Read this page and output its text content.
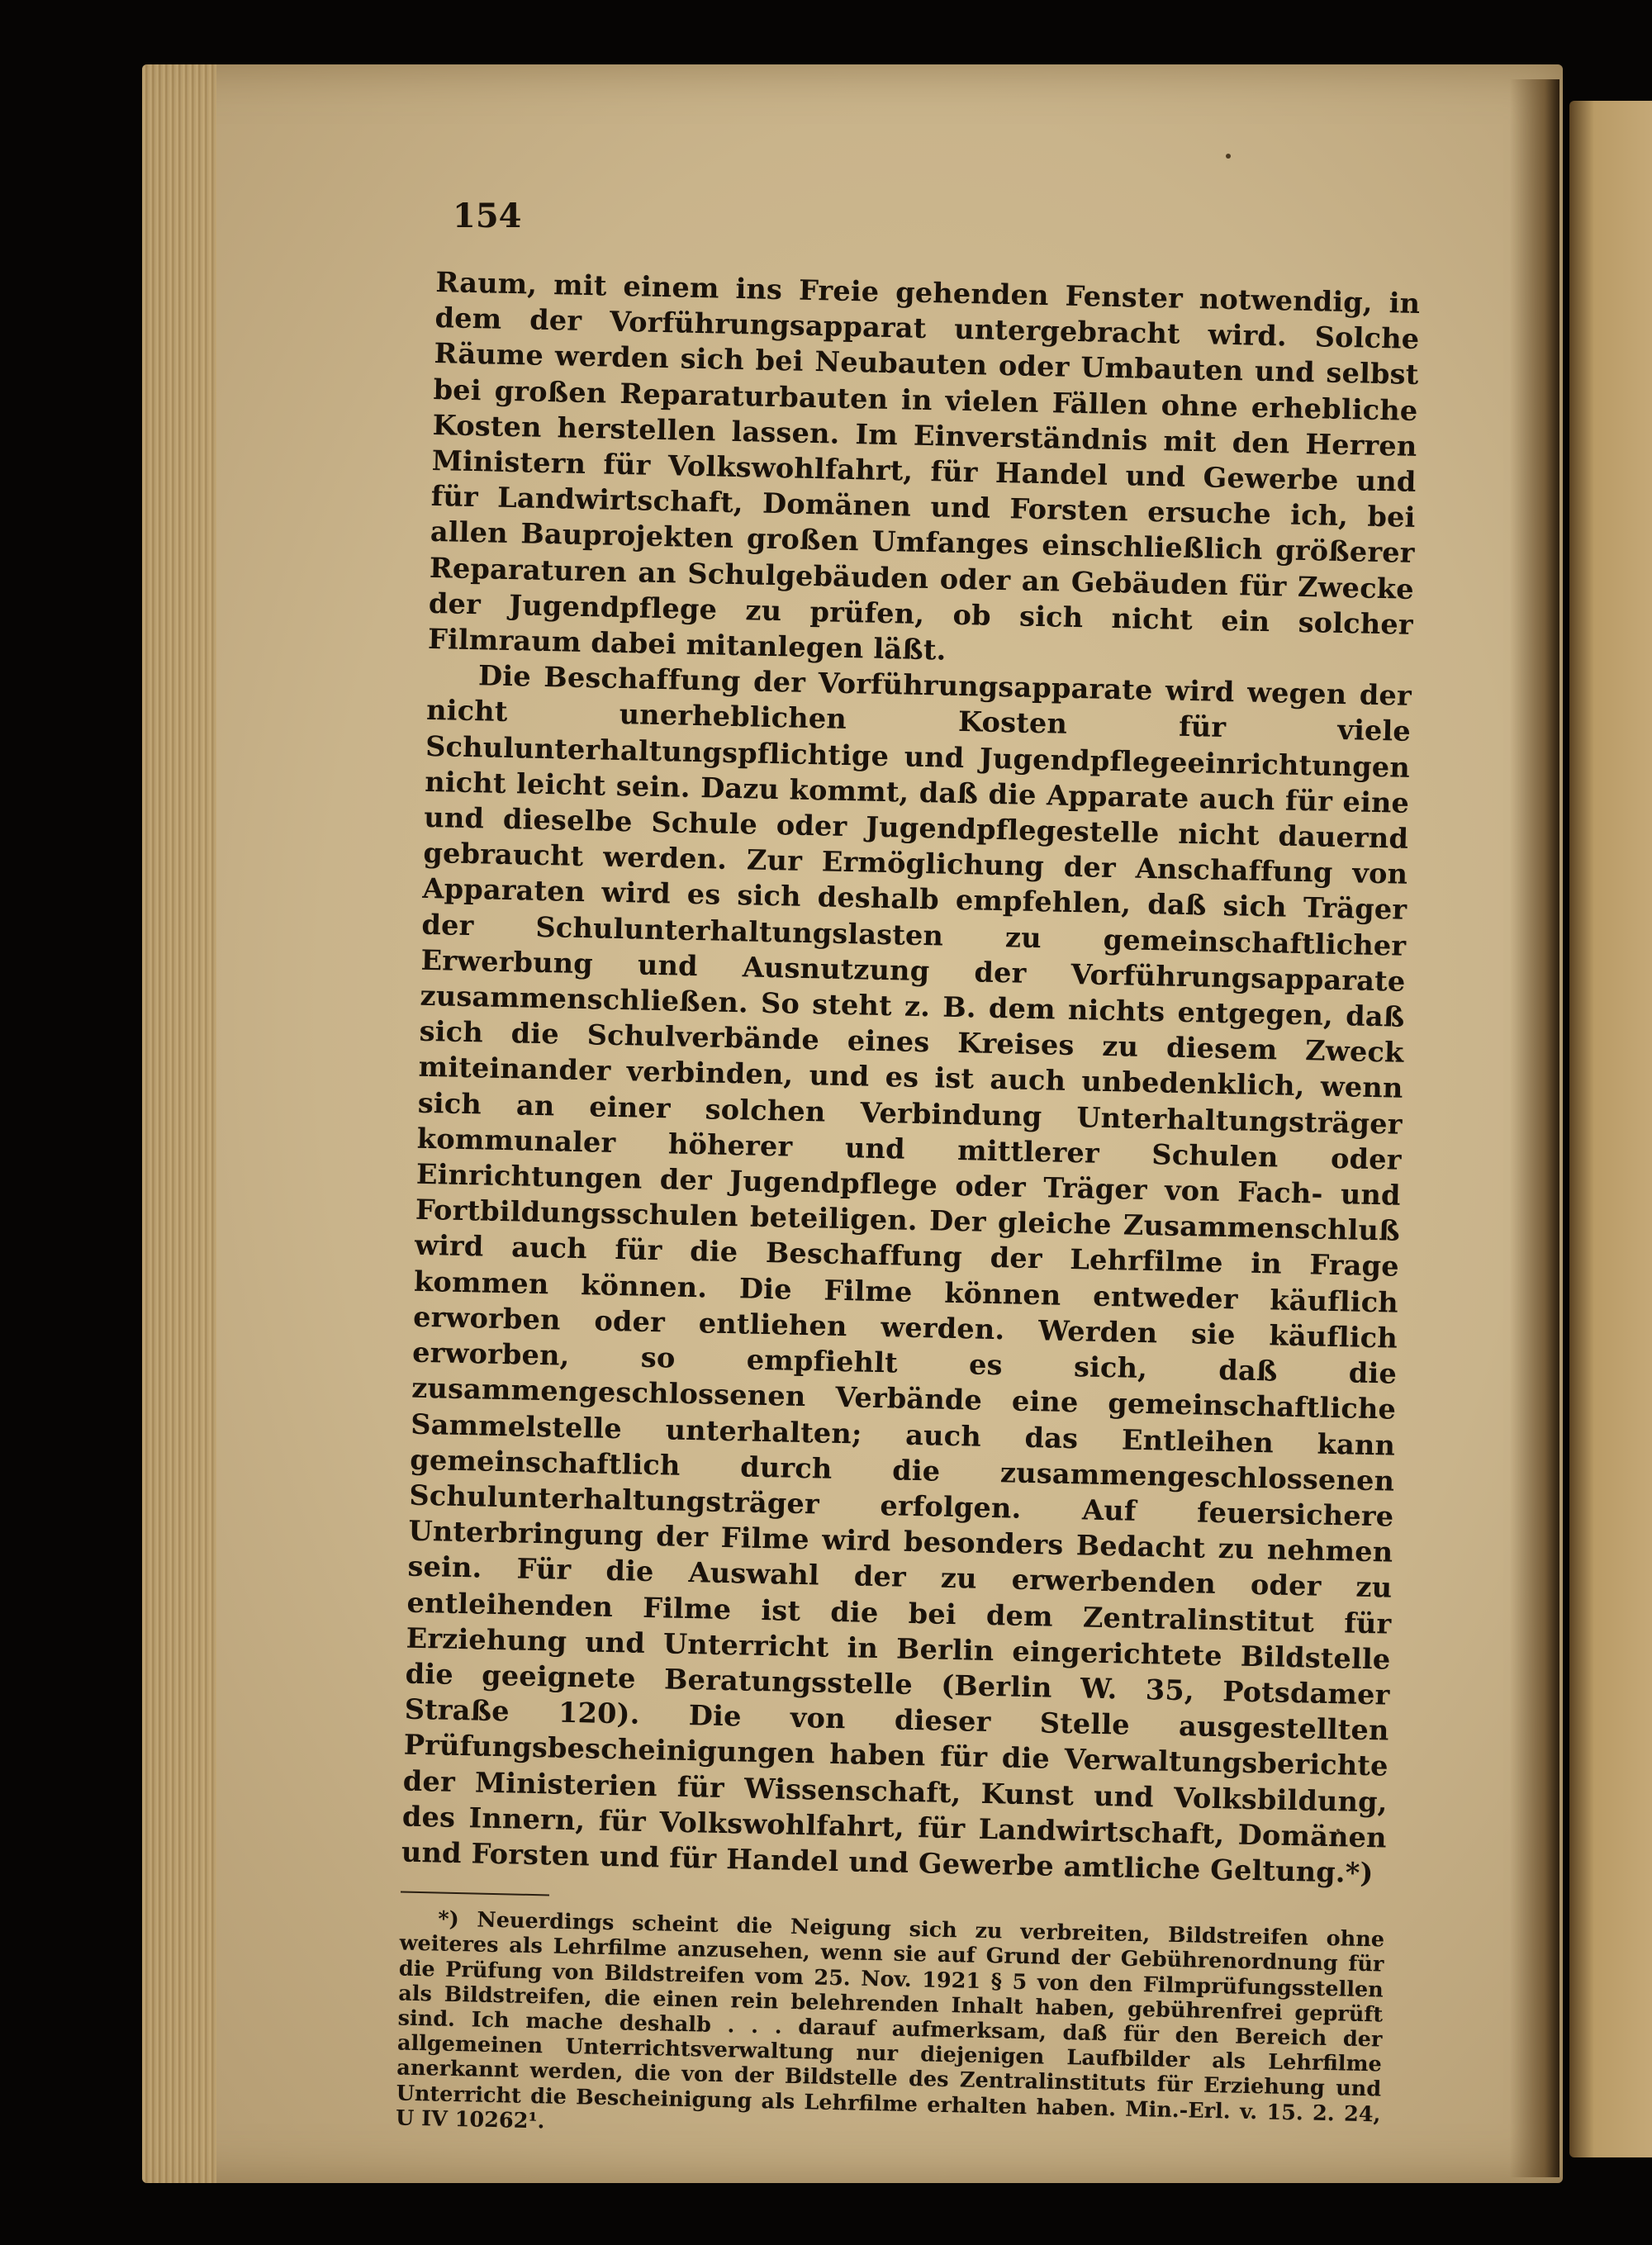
154

Raum, mit einem ins Freie gehenden Fenster notwendig, in dem der Vorführungsapparat untergebracht wird. Solche Räume werden sich bei Neubauten oder Umbauten und selbst bei großen Reparaturbauten in vielen Fällen ohne erhebliche Kosten herstellen lassen. Im Einverständnis mit den Herren Ministern für Volkswohlfahrt, für Handel und Gewerbe und für Landwirtschaft, Domänen und Forsten ersuche ich, bei allen Bauprojekten großen Umfanges einschließlich größerer Reparaturen an Schulgebäuden oder an Gebäuden für Zwecke der Jugendpflege zu prüfen, ob sich nicht ein solcher Filmraum dabei mitanlegen läßt.

Die Beschaffung der Vorführungsapparate wird wegen der nicht unerheblichen Kosten für viele Schulunterhaltungspflichtige und Jugendpflegeeinrichtungen nicht leicht sein. Dazu kommt, daß die Apparate auch für eine und dieselbe Schule oder Jugendpflegestelle nicht dauernd gebraucht werden. Zur Ermöglichung der Anschaffung von Apparaten wird es sich deshalb empfehlen, daß sich Träger der Schulunterhaltungslasten zu gemeinschaftlicher Erwerbung und Ausnutzung der Vorführungsapparate zusammenschließen. So steht z. B. dem nichts entgegen, daß sich die Schulverbände eines Kreises zu diesem Zweck miteinander verbinden, und es ist auch unbedenklich, wenn sich an einer solchen Verbindung Unterhaltungsträger kommunaler höherer und mittlerer Schulen oder Einrichtungen der Jugendpflege oder Träger von Fach- und Fortbildungsschulen beteiligen. Der gleiche Zusammenschluß wird auch für die Beschaffung der Lehrfilme in Frage kommen können. Die Filme können entweder käuflich erworben oder entliehen werden. Werden sie käuflich erworben, so empfiehlt es sich, daß die zusammengeschlossenen Verbände eine gemeinschaftliche Sammelstelle unterhalten; auch das Entleihen kann gemeinschaftlich durch die zusammengeschlossenen Schulunterhaltungsträger erfolgen. Auf feuersichere Unterbringung der Filme wird besonders Bedacht zu nehmen sein. Für die Auswahl der zu erwerbenden oder zu entleihenden Filme ist die bei dem Zentralinstitut für Erziehung und Unterricht in Berlin eingerichtete Bildstelle die geeignete Beratungsstelle (Berlin W. 35, Potsdamer Straße 120). Die von dieser Stelle ausgestellten Prüfungsbescheinigungen haben für die Verwaltungsberichte der Ministerien für Wissenschaft, Kunst und Volksbildung, des Innern, für Volkswohlfahrt, für Landwirtschaft, Domänen und Forsten und für Handel und Gewerbe amtliche Geltung.*)

*) Neuerdings scheint die Neigung sich zu verbreiten, Bildstreifen ohne weiteres als Lehrfilme anzusehen, wenn sie auf Grund der Gebührenordnung für die Prüfung von Bildstreifen vom 25. Nov. 1921 § 5 von den Filmprüfungsstellen als Bildstreifen, die einen rein belehrenden Inhalt haben, gebührenfrei geprüft sind. Ich mache deshalb . . . darauf aufmerksam, daß für den Bereich der allgemeinen Unterrichtsverwaltung nur diejenigen Laufbilder als Lehrfilme anerkannt werden, die von der Bildstelle des Zentralinstituts für Erziehung und Unterricht die Bescheinigung als Lehrfilme erhalten haben. Min.-Erl. v. 15. 2. 24, U IV 10262¹.
